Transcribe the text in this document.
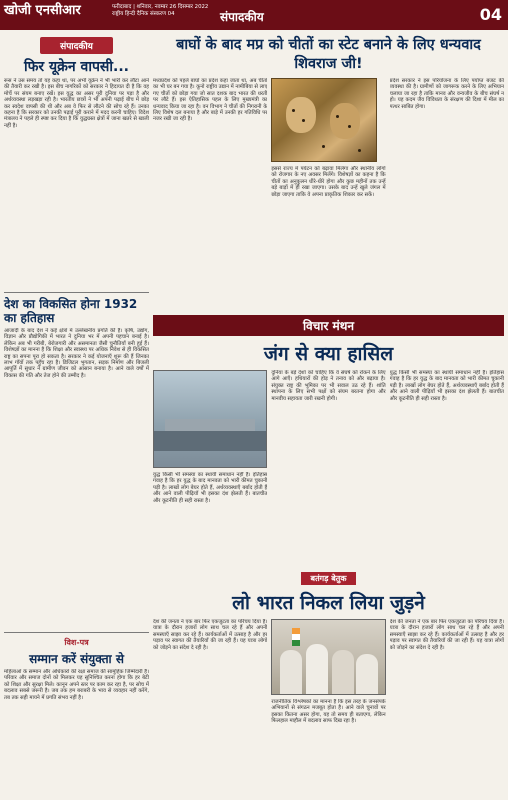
खोजी एनसीआर	फरीदाबाद | शनिवार, नवम्बर 26 दिसम्बर 2022
राष्ट्रीय हिन्दी दैनिक संस्करण 04	संपादकीय	04
संपादकीय
फिर यूक्रेन वापसी...

रूस ने उस समय तो यह कहा था, पर अभी यूक्रेन ने भी भारी कर लौटा आने की तैयारी कर रखी है। इस बीच नागरिकों को सरकार ने हिदायत दी है कि वह मोर्चे पर संयम बनाए रखें। इस युद्ध का असर पूरी दुनिया पर पड़ा है और अर्थव्यवस्था लड़खड़ा रही है। भारतीय छात्रों ने भी अपनी पढ़ाई बीच में छोड़ कर स्वदेश वापसी की थी और अब वे फिर से लौटने की सोच रहे हैं। उनका कहना है कि सरकार को उनकी पढ़ाई पूरी कराने में मदद करनी चाहिए। विदेश मंत्रालय ने पहले ही स्पष्ट कर दिया है कि युद्धग्रस्त क्षेत्रों में जाना खतरे से खाली नहीं है।

देश का विकसित होना 1932 का हतिहास

आजादी के बाद देश ने कई क्षेत्रों में उल्लेखनीय प्रगति की है। कृषि, उद्योग, विज्ञान और प्रौद्योगिकी में भारत ने दुनिया भर में अपनी पहचान बनाई है। लेकिन अब भी गरीबी, बेरोजगारी और असमानता जैसी चुनौतियाँ बनी हुई हैं। विशेषज्ञों का मानना है कि शिक्षा और स्वास्थ्य पर अधिक निवेश से ही विकसित राष्ट्र का सपना पूरा हो सकता है। सरकार ने कई योजनाएँ शुरू की हैं जिनका लाभ गाँवों तक पहुँच रहा है। डिजिटल भुगतान, सड़क निर्माण और बिजली आपूर्ति में सुधार ने ग्रामीण जीवन को आसान बनाया है। आने वाले वर्षों में विकास की गति और तेज होने की उम्मीद है।

विश-पत्र
सम्मान करें संयुक्ता से

महिलाओं के सम्मान और अधिकारों की रक्षा समाज की सामूहिक जिम्मेदारी है। परिवार और समाज दोनों को मिलकर यह सुनिश्चित करना होगा कि हर बेटी को शिक्षा और सुरक्षा मिले। कानून अपने स्तर पर काम कर रहा है, पर सोच में बदलाव सबसे जरूरी है। जब तक हम बराबरी के भाव से व्यवहार नहीं करेंगे, तब तक सही मायने में प्रगति संभव नहीं है।

बाघों के बाद मप्र को चीतों का स्टेट बनाने के लिए धन्यवाद शिवराज जी!

मध्यप्रदेश को पहले बाघों का प्रदेश कहा जाता था, अब चीतों का भी घर बन गया है। कूनो राष्ट्रीय उद्यान में नामीबिया से लाए गए चीतों को छोड़ा गया जो सात दशक बाद भारत की धरती पर लौटे हैं। इस ऐतिहासिक पहल के लिए मुख्यमंत्री का धन्यवाद किया जा रहा है। वन विभाग ने चीतों की निगरानी के लिए विशेष दल बनाया है और बाड़े में उनकी हर गतिविधि पर नजर रखी जा रही है।

इससे राज्य में पर्यटन को बढ़ावा मिलेगा और स्थानीय लोगों को रोजगार के नए अवसर मिलेंगे। विशेषज्ञों का कहना है कि चीतों का अनुकूलन धीरे-धीरे होगा और कुछ महीनों तक उन्हें बड़े बाड़ों में ही रखा जाएगा। उसके बाद उन्हें खुले जंगल में छोड़ा जाएगा ताकि वे अपना प्राकृतिक शिकार कर सकें।

प्रदेश सरकार ने इस परियोजना के लिए पर्याप्त बजट की व्यवस्था की है। ग्रामीणों को जागरूक करने के लिए अभियान चलाया जा रहा है ताकि मानव और वन्यजीव के बीच संघर्ष न हो। यह कदम जैव विविधता के संरक्षण की दिशा में मील का पत्थर साबित होगा।

विचार मंथन
जंग से क्या हासिल

युद्ध किसी भी समस्या का स्थायी समाधान नहीं है। इतिहास गवाह है कि हर युद्ध के बाद मानवता को भारी कीमत चुकानी पड़ी है। लाखों लोग बेघर होते हैं, अर्थव्यवस्थाएँ बर्बाद होती हैं और आने वाली पीढ़ियाँ भी इसका दंश झेलती हैं। बातचीत और कूटनीति ही सही रास्ता है।

दुनिया के बड़े देशों को चाहिए कि वे संघर्ष को रोकने के लिए आगे आएँ। हथियारों की होड़ ने तनाव को और बढ़ाया है। संयुक्त राष्ट्र की भूमिका पर भी सवाल उठ रहे हैं। शांति स्थापना के लिए सभी पक्षों को संयम बरतना होगा और मानवीय सहायता जारी रखनी होगी।

युद्ध किसी भी समस्या का स्थायी समाधान नहीं है। इतिहास गवाह है कि हर युद्ध के बाद मानवता को भारी कीमत चुकानी पड़ी है। लाखों लोग बेघर होते हैं, अर्थव्यवस्थाएँ बर्बाद होती हैं और आने वाली पीढ़ियाँ भी इसका दंश झेलती हैं। बातचीत और कूटनीति ही सही रास्ता है।

बतंगड़ बेतुक
लो भारत निकल लिया जुड़ने

देश की जनता ने एक बार फिर एकजुटता का परिचय दिया है। यात्रा के दौरान हजारों लोग साथ चल रहे हैं और अपनी समस्याएँ साझा कर रहे हैं। कार्यकर्ताओं में उत्साह है और हर पड़ाव पर स्वागत की तैयारियाँ की जा रही हैं। यह यात्रा लोगों को जोड़ने का संदेश दे रही है।

राजनीतिक विश्लेषकों का मानना है कि इस तरह के जनसंपर्क अभियानों से संगठन मजबूत होता है। आने वाले चुनावों पर इसका कितना असर होगा, यह तो समय ही बताएगा, लेकिन फिलहाल माहौल में बदलाव साफ दिख रहा है।

देश की जनता ने एक बार फिर एकजुटता का परिचय दिया है। यात्रा के दौरान हजारों लोग साथ चल रहे हैं और अपनी समस्याएँ साझा कर रहे हैं। कार्यकर्ताओं में उत्साह है और हर पड़ाव पर स्वागत की तैयारियाँ की जा रही हैं। यह यात्रा लोगों को जोड़ने का संदेश दे रही है।
